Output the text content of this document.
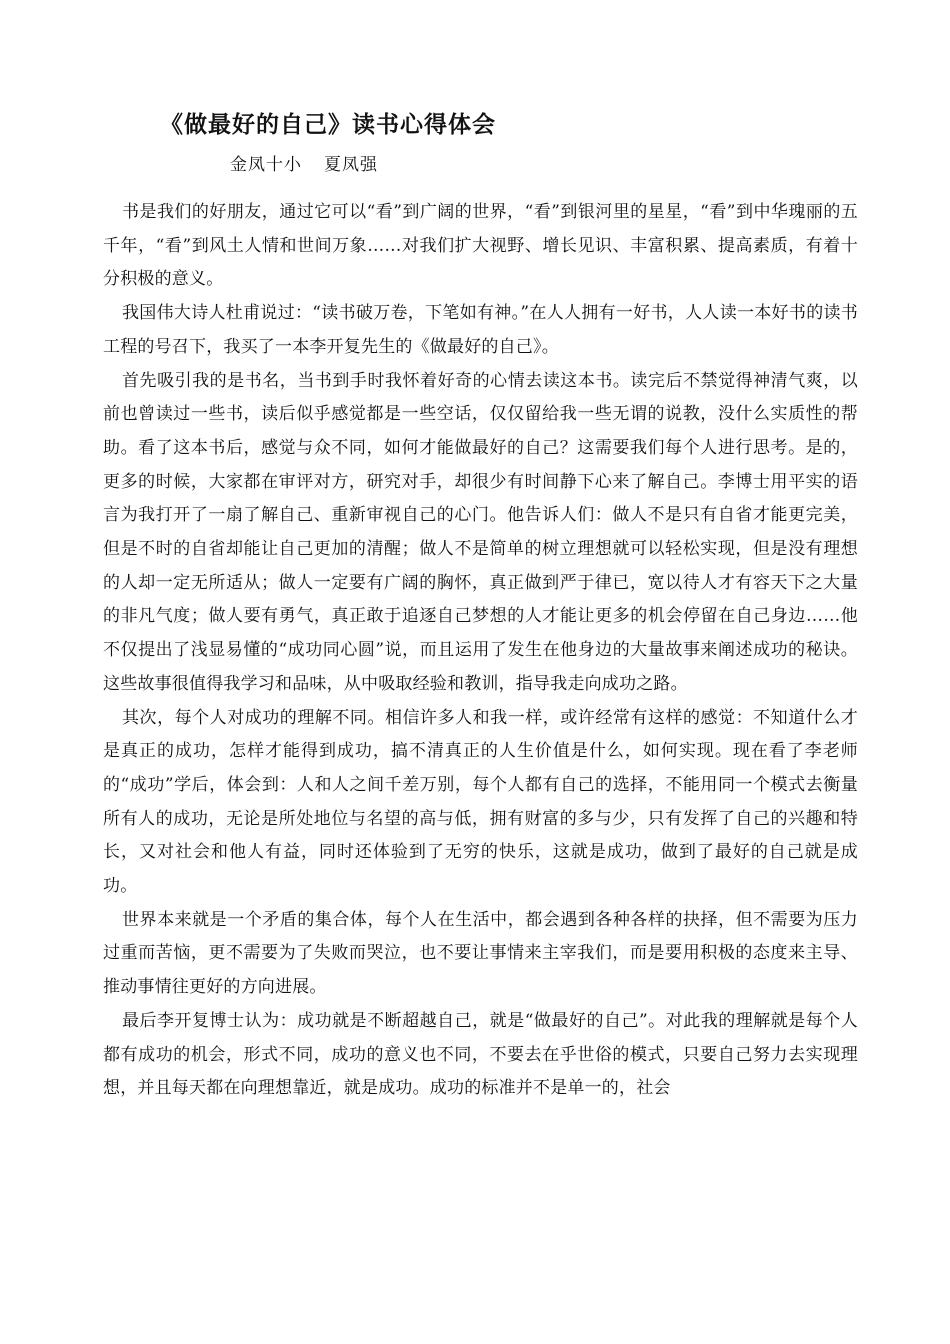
《做最好的自己》读书心得体会
金凤十小 夏凤强

书是我们的好朋友，通过它可以“看”到广阔的世界，“看”到银河里的星星，“看”到中华瑰丽的五千年，“看”到风土人情和世间万象……对我们扩大视野、增长见识、丰富积累、提高素质，有着十分积极的意义。

我国伟大诗人杜甫说过：“读书破万卷，下笔如有神。”在人人拥有一好书，人人读一本好书的读书工程的号召下，我买了一本李开复先生的《做最好的自己》。

首先吸引我的是书名，当书到手时我怀着好奇的心情去读这本书。读完后不禁觉得神清气爽，以前也曾读过一些书，读后似乎感觉都是一些空话，仅仅留给我一些无谓的说教，没什么实质性的帮助。看了这本书后，感觉与众不同，如何才能做最好的自己？这需要我们每个人进行思考。是的，更多的时候，大家都在审评对方，研究对手，却很少有时间静下心来了解自己。李博士用平实的语言为我打开了一扇了解自己、重新审视自己的心门。他告诉人们：做人不是只有自省才能更完美，但是不时的自省却能让自己更加的清醒；做人不是简单的树立理想就可以轻松实现，但是没有理想的人却一定无所适从；做人一定要有广阔的胸怀，真正做到严于律已，宽以待人才有容天下之大量的非凡气度；做人要有勇气，真正敢于追逐自己梦想的人才能让更多的机会停留在自己身边……他不仅提出了浅显易懂的“成功同心圆”说，而且运用了发生在他身边的大量故事来阐述成功的秘诀。这些故事很值得我学习和品味，从中吸取经验和教训，指导我走向成功之路。

其次，每个人对成功的理解不同。相信许多人和我一样，或许经常有这样的感觉：不知道什么才是真正的成功，怎样才能得到成功，搞不清真正的人生价值是什么，如何实现。现在看了李老师的“成功”学后，体会到：人和人之间千差万别，每个人都有自己的选择，不能用同一个模式去衡量所有人的成功，无论是所处地位与名望的高与低，拥有财富的多与少，只有发挥了自己的兴趣和特长，又对社会和他人有益，同时还体验到了无穷的快乐，这就是成功，做到了最好的自己就是成功。

世界本来就是一个矛盾的集合体，每个人在生活中，都会遇到各种各样的抉择，但不需要为压力过重而苦恼，更不需要为了失败而哭泣，也不要让事情来主宰我们，而是要用积极的态度来主导、推动事情往更好的方向进展。

最后李开复博士认为：成功就是不断超越自己，就是“做最好的自己”。对此我的理解就是每个人都有成功的机会，形式不同，成功的意义也不同，不要去在乎世俗的模式，只要自己努力去实现理想，并且每天都在向理想靠近，就是成功。成功的标准并不是单一的，社会
